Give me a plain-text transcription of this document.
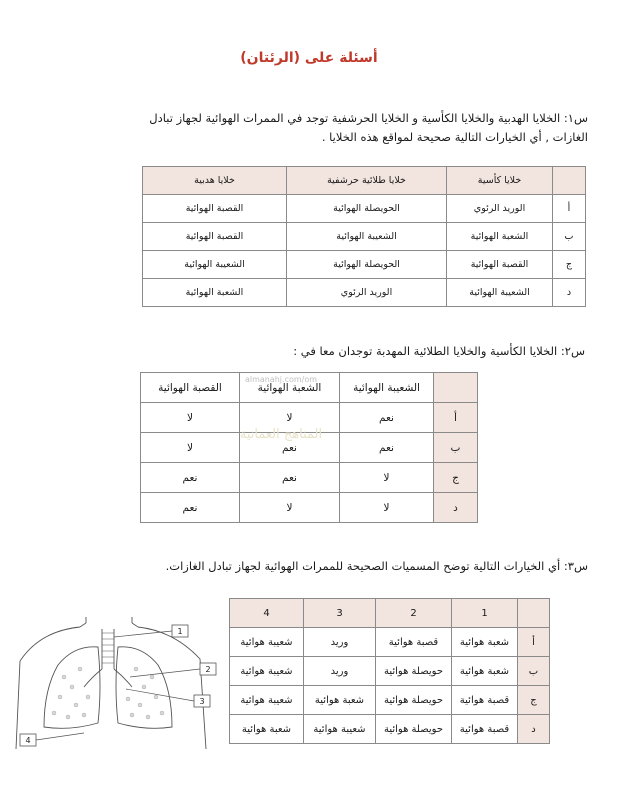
أسئلة على (الرئتان)
س١: الخلايا الهدبية والخلايا الكأسية و الخلايا الحرشفية توجد في الممرات الهوائية لجهاز تبادل الغازات , أي الخيارات التالية صحيحة لمواقع هذه الخلايا .
	خلايا كأسية	خلايا طلائية حرشفية	خلايا هدبية
أ	الوريد الرئوي	الحويصلة الهوائية	القصبة الهوائية
ب	الشعبة الهوائية	الشعيبة الهوائية	القصبة الهوائية
ج	القصبة الهوائية	الحويصلة الهوائية	الشعيبة الهوائية
د	الشعيبة الهوائية	الوريد الرئوي	الشعبة الهوائية
س٢: الخلايا الكأسية والخلايا الطلائية المهدبة توجدان معا في :
	الشعيبة الهوائية	الشعبة الهوائية	القصبة الهوائية
أ	نعم	لا	لا
ب	نعم	نعم	لا
ج	لا	نعم	نعم
د	لا	لا	نعم
almanahj.com/om
المناهج العمانية
س٣: أي الخيارات التالية توضح المسميات الصحيحة للممرات الهوائية لجهاز تبادل الغازات.
	1	2	3	4
أ	شعبة هوائية	قصبة هوائية	وريد	شعيبة هوائية
ب	شعبة هوائية	حويصلة هوائية	وريد	شعيبة هوائية
ج	قصبة هوائية	حويصلة هوائية	شعبة هوائية	شعيبة هوائية
د	قصبة هوائية	حويصلة هوائية	شعيبة هوائية	شعبة هوائية
1
2
3
4
